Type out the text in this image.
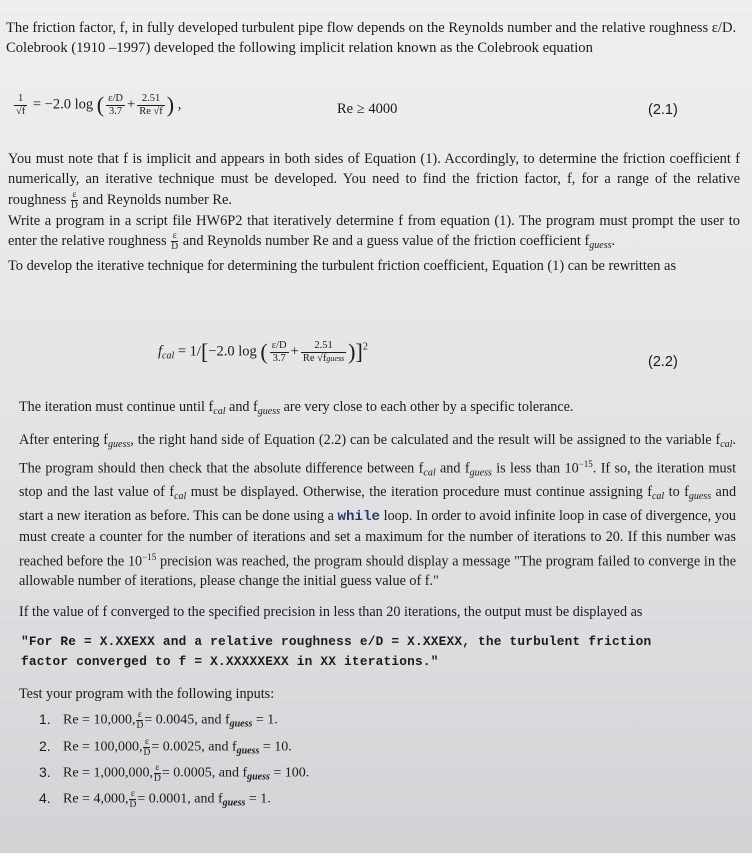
The friction factor, f, in fully developed turbulent pipe flow depends on the Reynolds number and the relative roughness ε/D. Colebrook (1910 –1997) developed the following implicit relation known as the Colebrook equation

$\frac{1}{√f} = -2.0$ log ( $\frac{\varepsilon/D}{3.7} + \frac{2.51}{Re √f}$ ) ,	Re ≥ 4000	(2.1)
You must note that f is implicit and appears in both sides of Equation (1). Accordingly, to determine the friction coefficient f numerically, an iterative technique must be developed. You need to find the friction factor, f, for a range of the relative roughness $\frac{\varepsilon}{D}$ and Reynolds number Re.
Write a program in a script file HW6P2 that iteratively determine f from equation (1). The program must prompt the user to enter the relative roughness $\frac{\varepsilon}{D}$ and Reynolds number Re and a guess value of the friction coefficient $f_{guess}$.
To develop the iterative technique for determining the turbulent friction coefficient, Equation (1) can be rewritten as
$f_{cal} = 1/[-2.0$ log ( $\frac{\varepsilon/D}{3.7} + \frac{2.51}{\text{Re √fguess}} )]^2$
(2.2)
The iteration must continue until $f_{cal}$ and $f_{guess}$ are very close to each other by a specific tolerance.
After entering $f_{guess}$, the right hand side of Equation (2.2) can be calculated and the result will be assigned to the variable $f_{cal}$. The program should then check that the absolute difference between $f_{cal}$ and $f_{guess}$ is less than $10^{-15}$. If so, the iteration must stop and the last value of $f_{cal}$ must be displayed. Otherwise, the iteration procedure must continue assigning $f_{cal}$ to $f_{guess}$ and start a new iteration as before. This can be done using a while loop. In order to avoid infinite loop in case of divergence, you must create a counter for the number of iterations and set a maximum for the number of iterations to 20. If this number was reached before the $10^{-15}$ precision was reached, the program should display a message "The program failed to converge in the allowable number of iterations, please change the initial guess value of f."
If the value of f converged to the specified precision in less than 20 iterations, the output must be displayed as
"For Re = X.XXEXX and a relative roughness e/D = X.XXEXX, the turbulent friction
factor converged to f = X.XXXXXEXX in XX iterations."
Test your program with the following inputs:
1. Re = 10,000, $\frac{\varepsilon}{D}= 0.0045$, and $f_{guess} = 1$.
2. Re = 100,000, $\frac{\varepsilon}{D}= 0.0025$, and $f_{guess} = 10$.
3. Re = 1,000,000, $\frac{\varepsilon}{D}= 0.0005$, and $f_{guess} = 100$.
4. Re = 4,000, $\frac{\varepsilon}{D}= 0.0001$, and $f_{guess} = 1$.
